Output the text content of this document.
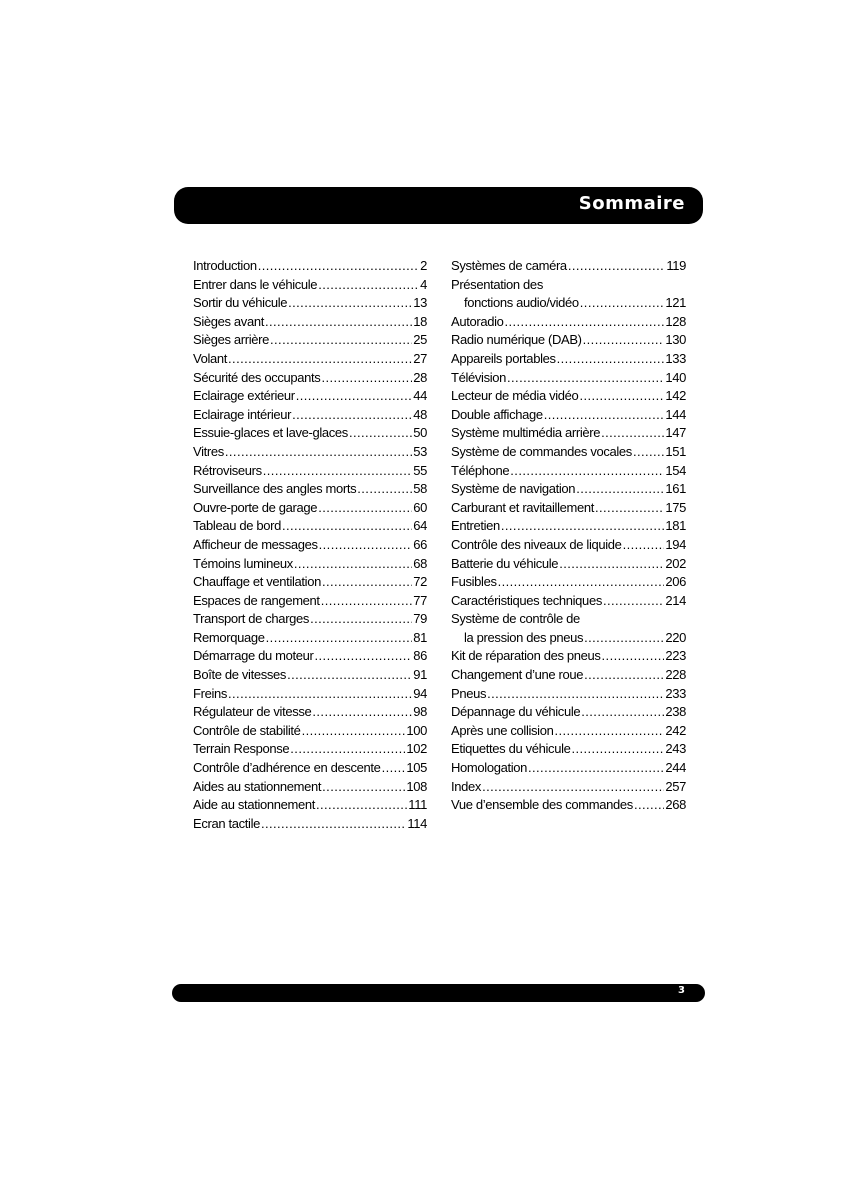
Sommaire
Introduction .....	2
Entrer dans le véhicule .....	4
Sortir du véhicule .....	13
Sièges avant .....	18
Sièges arrière .....	25
Volant .....	27
Sécurité des occupants .....	28
Eclairage extérieur .....	44
Eclairage intérieur .....	48
Essuie-glaces et lave-glaces .....	50
Vitres .....	53
Rétroviseurs .....	55
Surveillance des angles morts .....	58
Ouvre-porte de garage .....	60
Tableau de bord .....	64
Afficheur de messages .....	66
Témoins lumineux .....	68
Chauffage et ventilation .....	72
Espaces de rangement .....	77
Transport de charges .....	79
Remorquage .....	81
Démarrage du moteur .....	86
Boîte de vitesses .....	91
Freins .....	94
Régulateur de vitesse .....	98
Contrôle de stabilité .....	100
Terrain Response .....	102
Contrôle d’adhérence en descente ..... 105
Aides au stationnement .....	108
Aide au stationnement .....	111
Ecran tactile .....	114
Systèmes de caméra .....	119
Présentation des
fonctions audio/vidéo .....	121
Autoradio .....	128
Radio numérique (DAB) .....	130
Appareils portables .....	133
Télévision .....	140
Lecteur de média vidéo .....	142
Double affichage .....	144
Système multimédia arrière .....	147
Système de commandes vocales .....	151
Téléphone .....	154
Système de navigation .....	161
Carburant et ravitaillement .....	175
Entretien .....	181
Contrôle des niveaux de liquide .....	194
Batterie du véhicule .....	202
Fusibles .....	206
Caractéristiques techniques .....	214
Système de contrôle de
la pression des pneus .....	220
Kit de réparation des pneus .....	223
Changement d’une roue .....	228
Pneus .....	233
Dépannage du véhicule .....	238
Après une collision .....	242
Etiquettes du véhicule .....	243
Homologation .....	244
Index .....	257
Vue d’ensemble des commandes ..... 268
3
